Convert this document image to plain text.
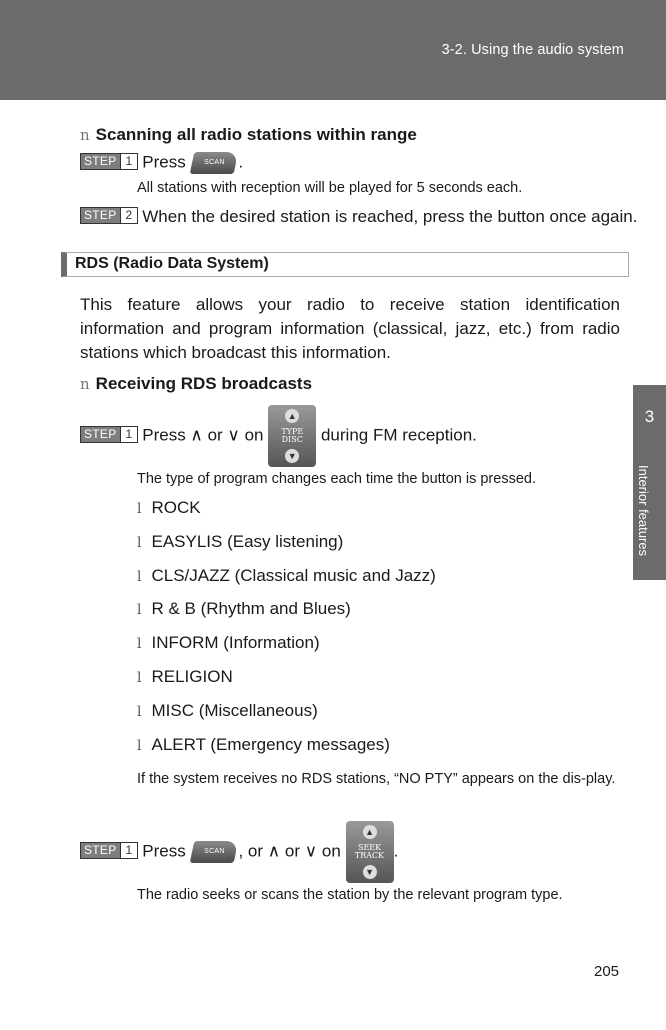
3-2. Using the audio system
3
Interior features
n Scanning all radio stations within range
STEP 1 Press	SCAN .
All stations with reception will be played for 5 seconds each.
STEP 2 When the desired station is reached, press the button once again.
RDS (Radio Data System)
This feature allows your radio to receive station identification information and program information (classical, jazz, etc.) from radio stations which broadcast this information.
n Receiving RDS broadcasts
STEP 1 Press ∧ or ∨ on
▲
TYPE
DISC
▼
during FM reception.
The type of program changes each time the button is pressed.
l ROCK
l EASYLIS (Easy listening)
l CLS/JAZZ (Classical music and Jazz)
l R & B (Rhythm and Blues)
l INFORM (Information)
l RELIGION
l MISC (Miscellaneous)
l ALERT (Emergency messages)
If the system receives no RDS stations, “NO PTY” appears on the dis-play.
STEP 1 Press	SCAN , or ∧ or ∨ on
▲
SEEK
TRACK
▼
.
The radio seeks or scans the station by the relevant program type.
205
